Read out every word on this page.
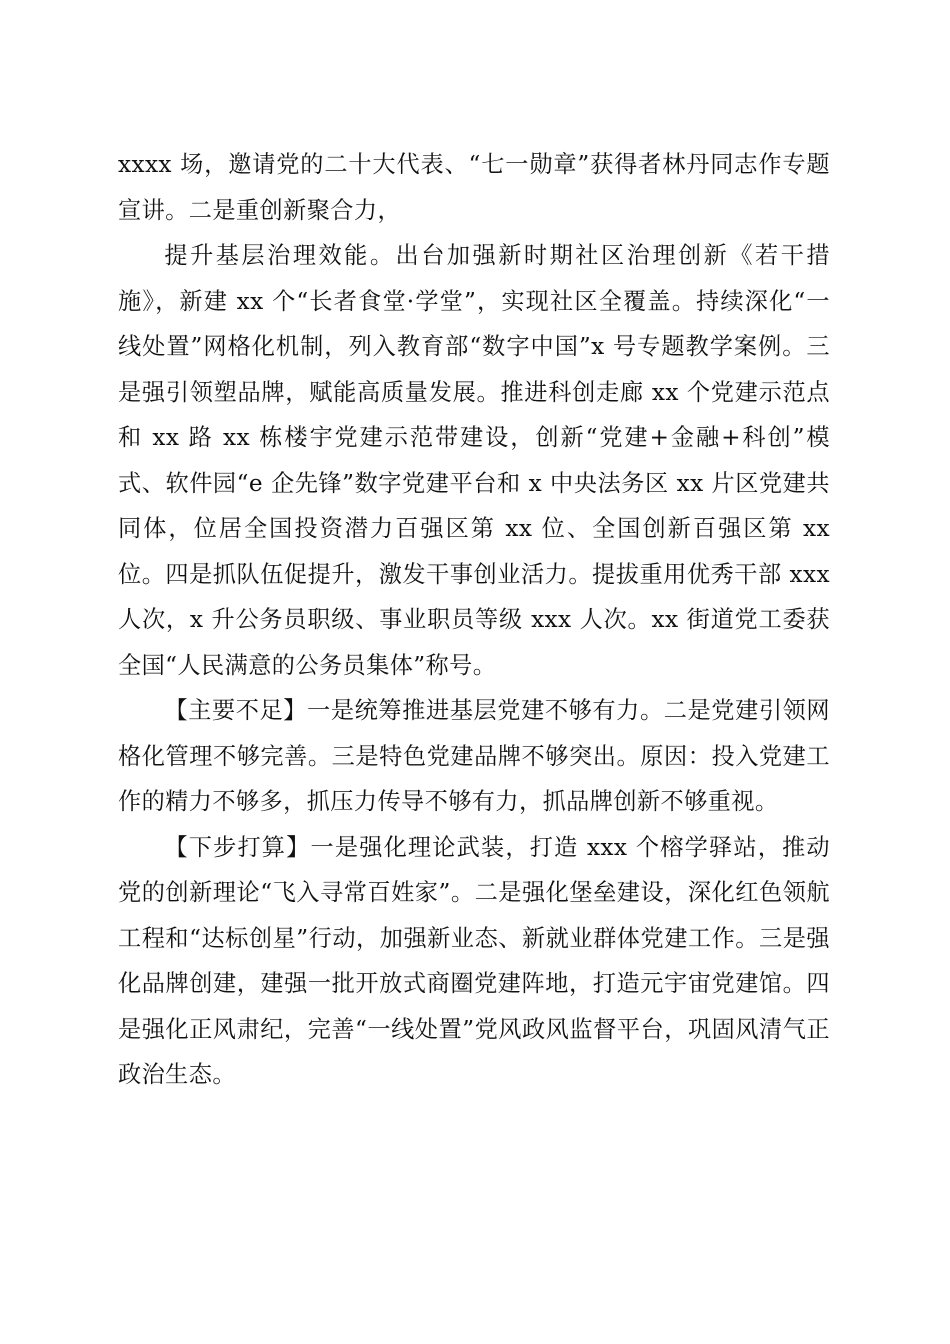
xxxx 场，邀请党的二十大代表、“七一勋章”获得者林丹同志作专题宣讲。二是重创新聚合力，

提升基层治理效能。出台加强新时期社区治理创新《若干措施》，新建 xx 个“长者食堂·学堂”，实现社区全覆盖。持续深化“一线处置”网格化机制，列入教育部“数字中国”x 号专题教学案例。三是强引领塑品牌，赋能高质量发展。推进科创走廊 xx 个党建示范点和 xx 路 xx 栋楼宇党建示范带建设，创新“党建+金融+科创”模式、软件园“e 企先锋”数字党建平台和 x 中央法务区 xx 片区党建共同体，位居全国投资潜力百强区第 xx 位、全国创新百强区第 xx 位。四是抓队伍促提升，激发干事创业活力。提拔重用优秀干部 xxx 人次，x 升公务员职级、事业职员等级 xxx 人次。xx 街道党工委获全国“人民满意的公务员集体”称号。

【主要不足】一是统筹推进基层党建不够有力。二是党建引领网格化管理不够完善。三是特色党建品牌不够突出。原因：投入党建工作的精力不够多，抓压力传导不够有力，抓品牌创新不够重视。

【下步打算】一是强化理论武装，打造 xxx 个榕学驿站，推动党的创新理论“飞入寻常百姓家”。二是强化堡垒建设，深化红色领航工程和“达标创星”行动，加强新业态、新就业群体党建工作。三是强化品牌创建，建强一批开放式商圈党建阵地，打造元宇宙党建馆。四是强化正风肃纪，完善“一线处置”党风政风监督平台，巩固风清气正政治生态。
